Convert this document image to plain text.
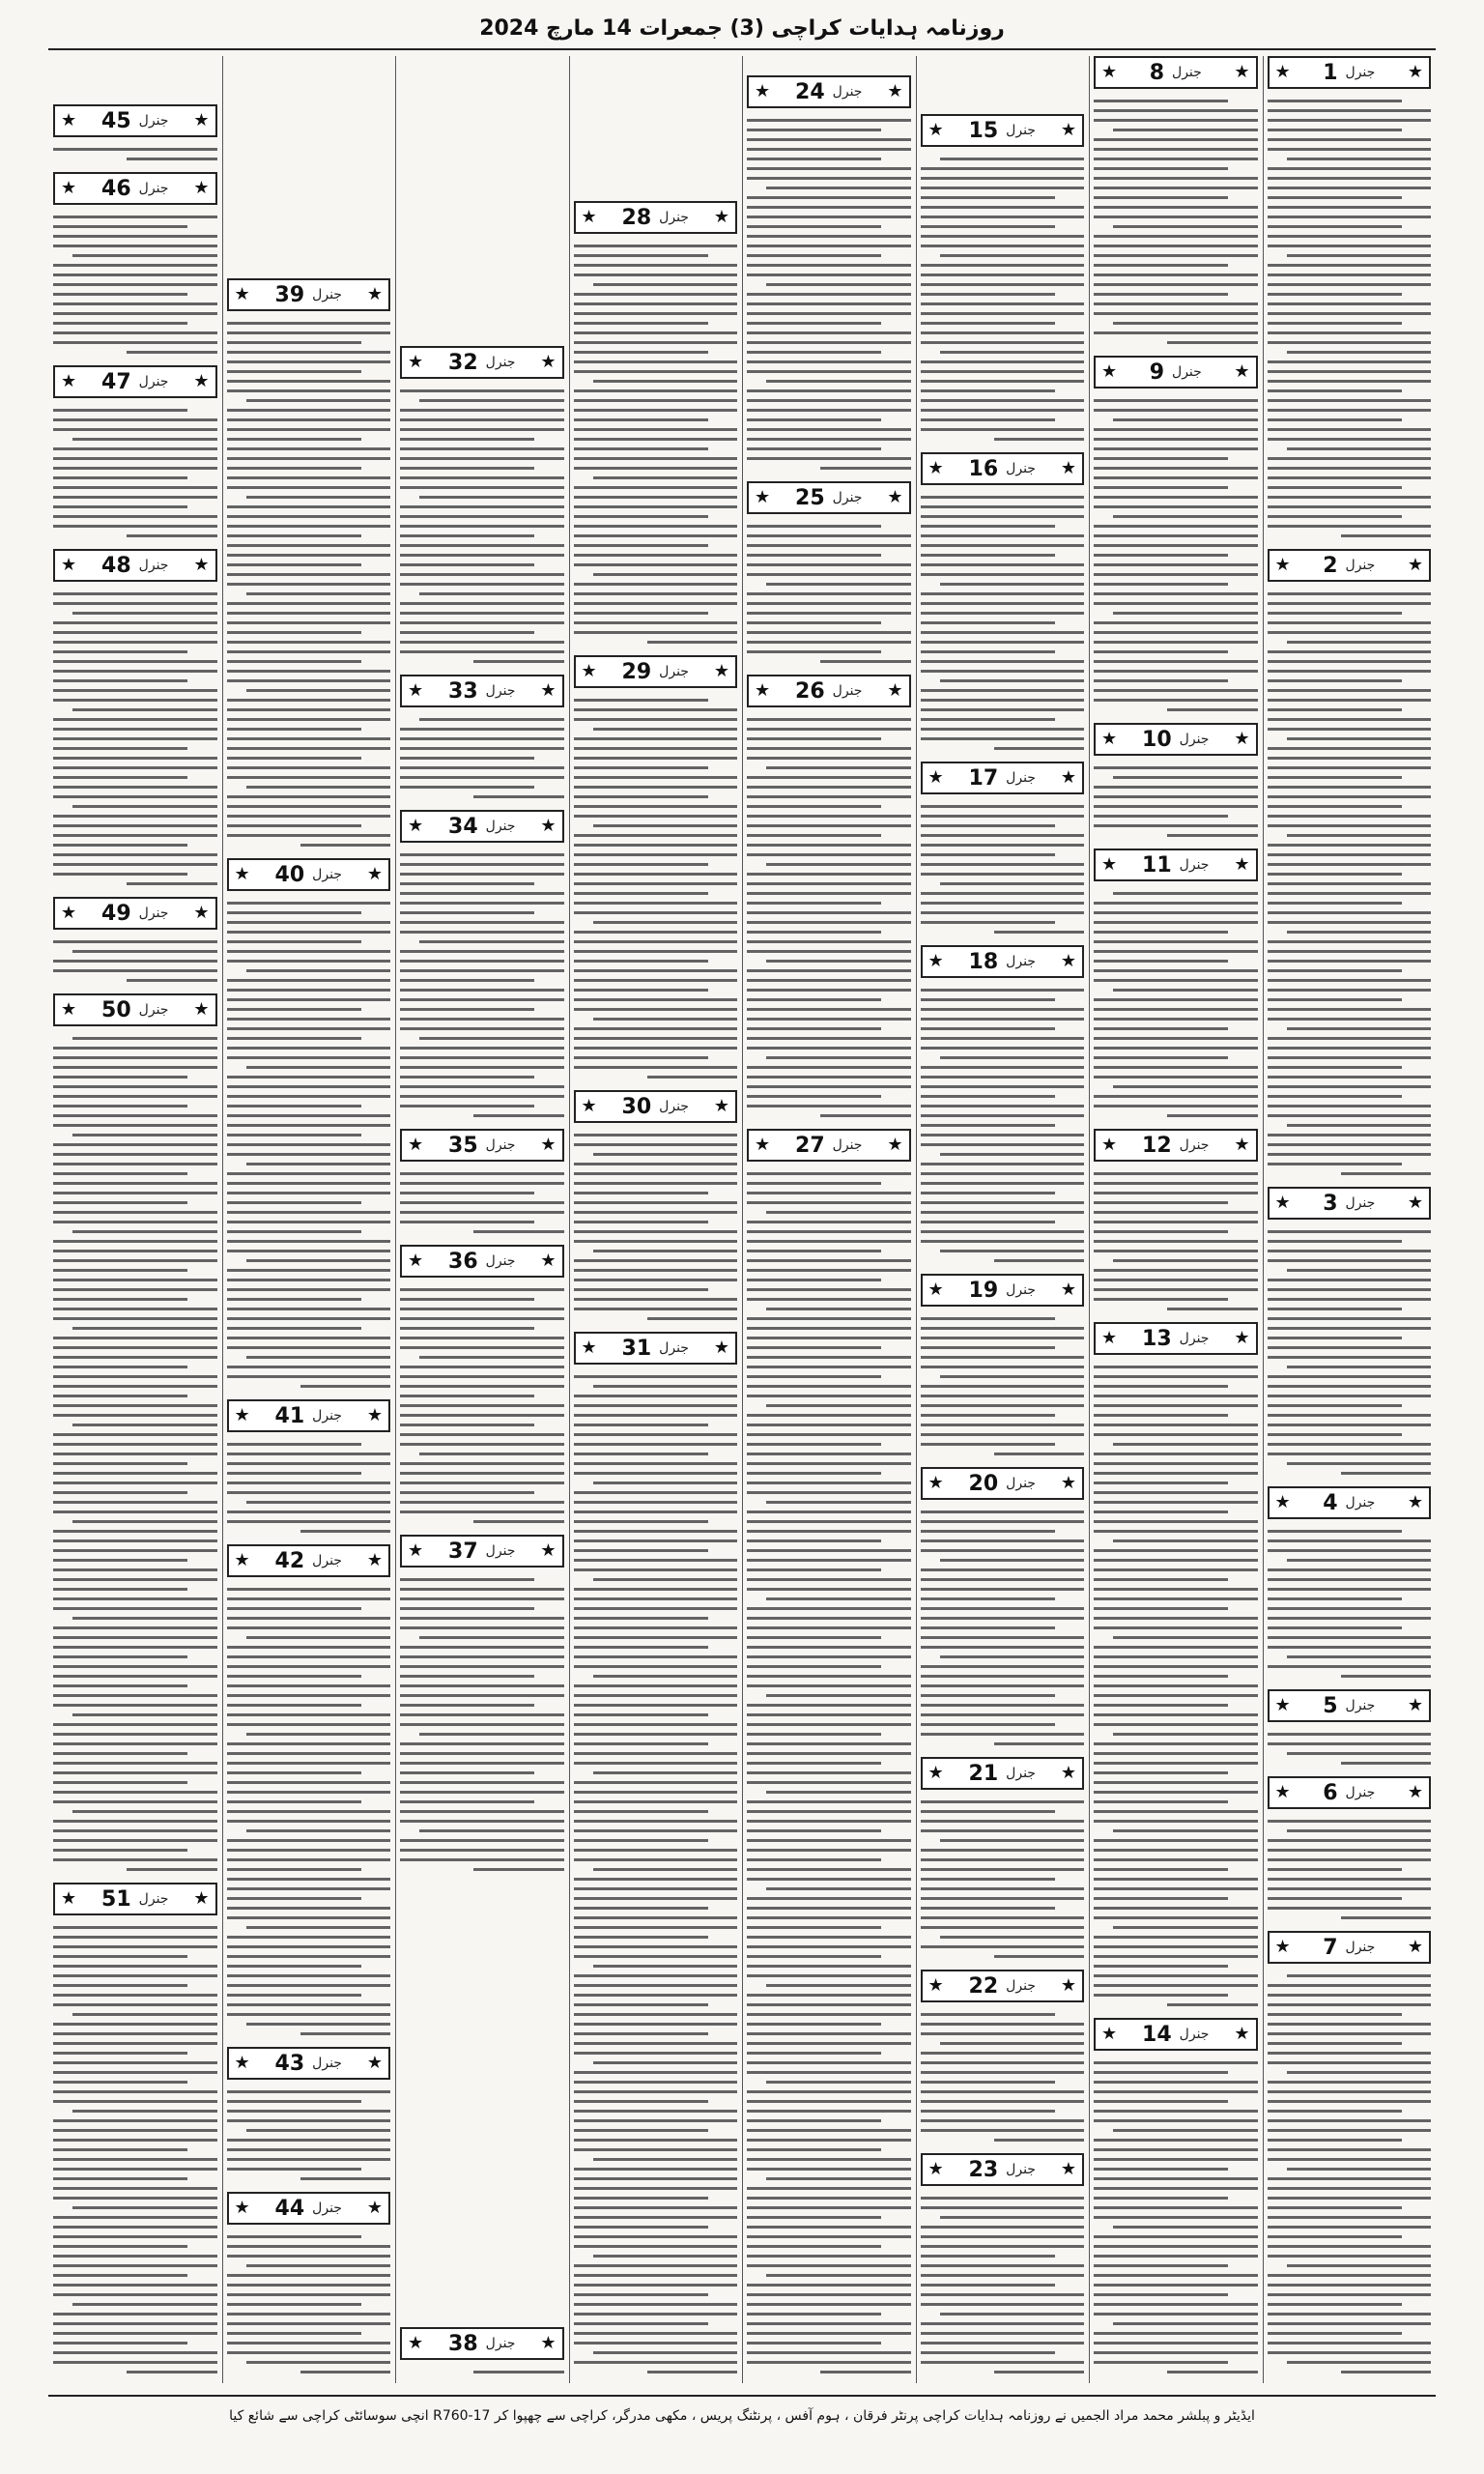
روزنامہ ہدایات کراچی (3) جمعرات 14 مارچ 2024
★
جنرل
1
★
★
جنرل
2
★
★
جنرل
3
★
★
جنرل
4
★
★
جنرل
5
★
★
جنرل
6
★
★
جنرل
7
★
★
جنرل
8
★
★
جنرل
9
★
★
جنرل
10
★
★
جنرل
11
★
★
جنرل
12
★
★
جنرل
13
★
★
جنرل
14
★
★
جنرل
15
★
★
جنرل
16
★
★
جنرل
17
★
★
جنرل
18
★
★
جنرل
19
★
★
جنرل
20
★
★
جنرل
21
★
★
جنرل
22
★
★
جنرل
23
★
★
جنرل
24
★
★
جنرل
25
★
★
جنرل
26
★
★
جنرل
27
★
★
جنرل
28
★
★
جنرل
29
★
★
جنرل
30
★
★
جنرل
31
★
★
جنرل
32
★
★
جنرل
33
★
★
جنرل
34
★
★
جنرل
35
★
★
جنرل
36
★
★
جنرل
37
★
★
جنرل
38
★
★
جنرل
39
★
★
جنرل
40
★
★
جنرل
41
★
★
جنرل
42
★
★
جنرل
43
★
★
جنرل
44
★
★
جنرل
45
★
★
جنرل
46
★
★
جنرل
47
★
★
جنرل
48
★
★
جنرل
49
★
★
جنرل
50
★
★
جنرل
51
★
ایڈیٹر و پبلشر محمد مراد الجمیں نے روزنامہ ہدایات کراچی پرنٹر فرقان ، ہوم آفس ، پرنٹنگ پریس ، مکھی مدرگر، کراچی سے چھپوا کر R760-17 انچی سوسائٹی کراچی سے شائع کیا
